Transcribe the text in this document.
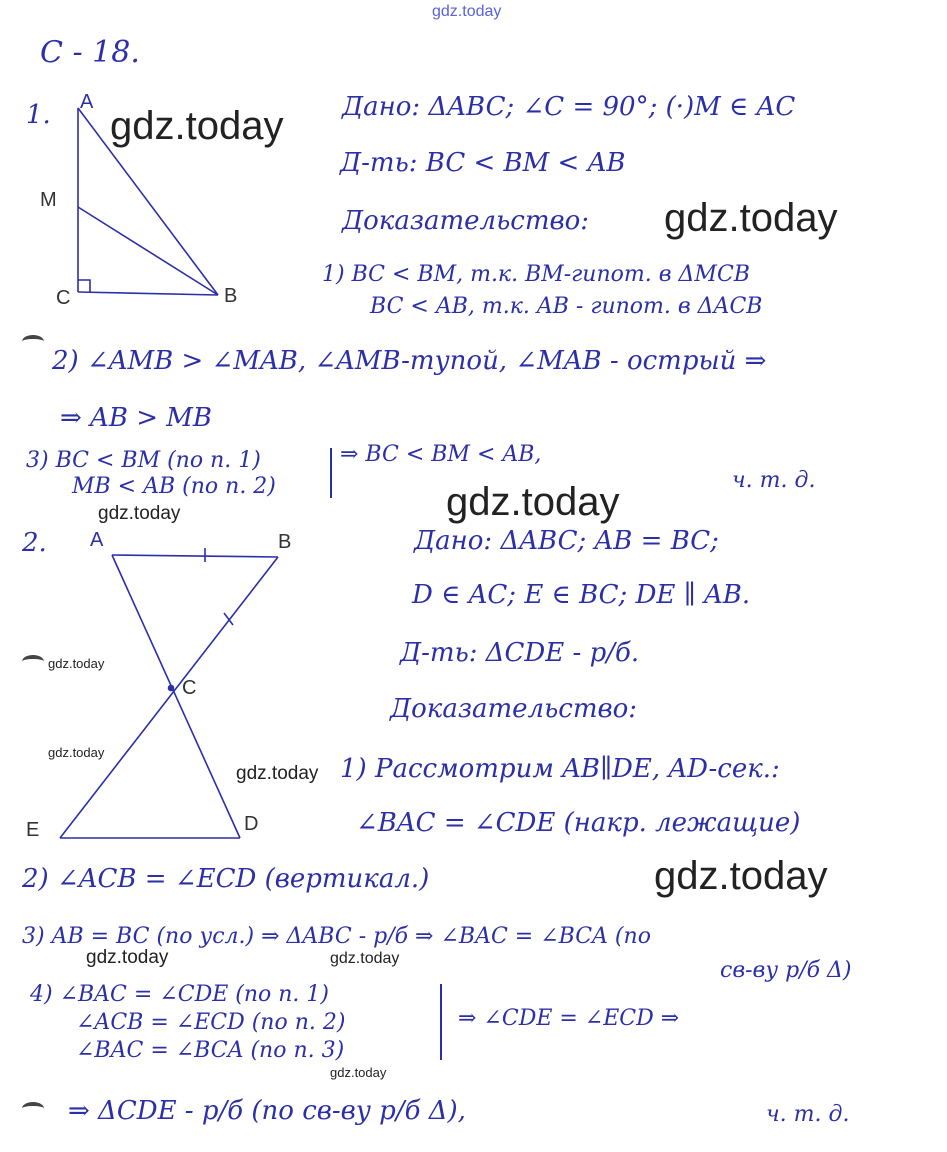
gdz.today
С - 18.
1. A
M
C	B
Дано: ΔABC; ∠C = 90°; (·)M ∈ AC
Д-ть: BC < BM < AB
Доказательство:
1) BC < BM, т.к. BM-гипот. в ΔMCB
BC < AB, т.к. AB - гипот. в ΔACB
2) ∠AMB > ∠MAB, ∠AMB-тупой, ∠MAB - острый ⇒
⇒ AB > MB
3) BC < BM (по п. 1)
MB < AB (по п. 2)
⇒ BC < BM < AB,
ч. т. д.
2. A	B
C
E	D
Дано: ΔABC; AB = BC;
D ∈ AC; E ∈ BC; DE ∥ AB.
Д-ть: ΔCDE - р/б.
Доказательство:
1) Рассмотрим AB∥DE, AD-сек.:
∠BAC = ∠CDE (накр. лежащие)
2) ∠ACB = ∠ECD (вертикал.)
3) AB = BC (по усл.) ⇒ ΔABC - р/б ⇒ ∠BAC = ∠BCA (по
св-ву р/б Δ)
4) ∠BAC = ∠CDE (по п. 1)
∠ACB = ∠ECD (по п. 2)
∠BAC = ∠BCA (по п. 3)
⇒ ∠CDE = ∠ECD ⇒
⇒ ΔCDE - р/б (по св-ву р/б Δ),	ч. т. д.
gdz.today
gdz.today
gdz.today
gdz.today
gdz.today
gdz.today
gdz.today
gdz.today
gdz.today	gdz.today
gdz.today
